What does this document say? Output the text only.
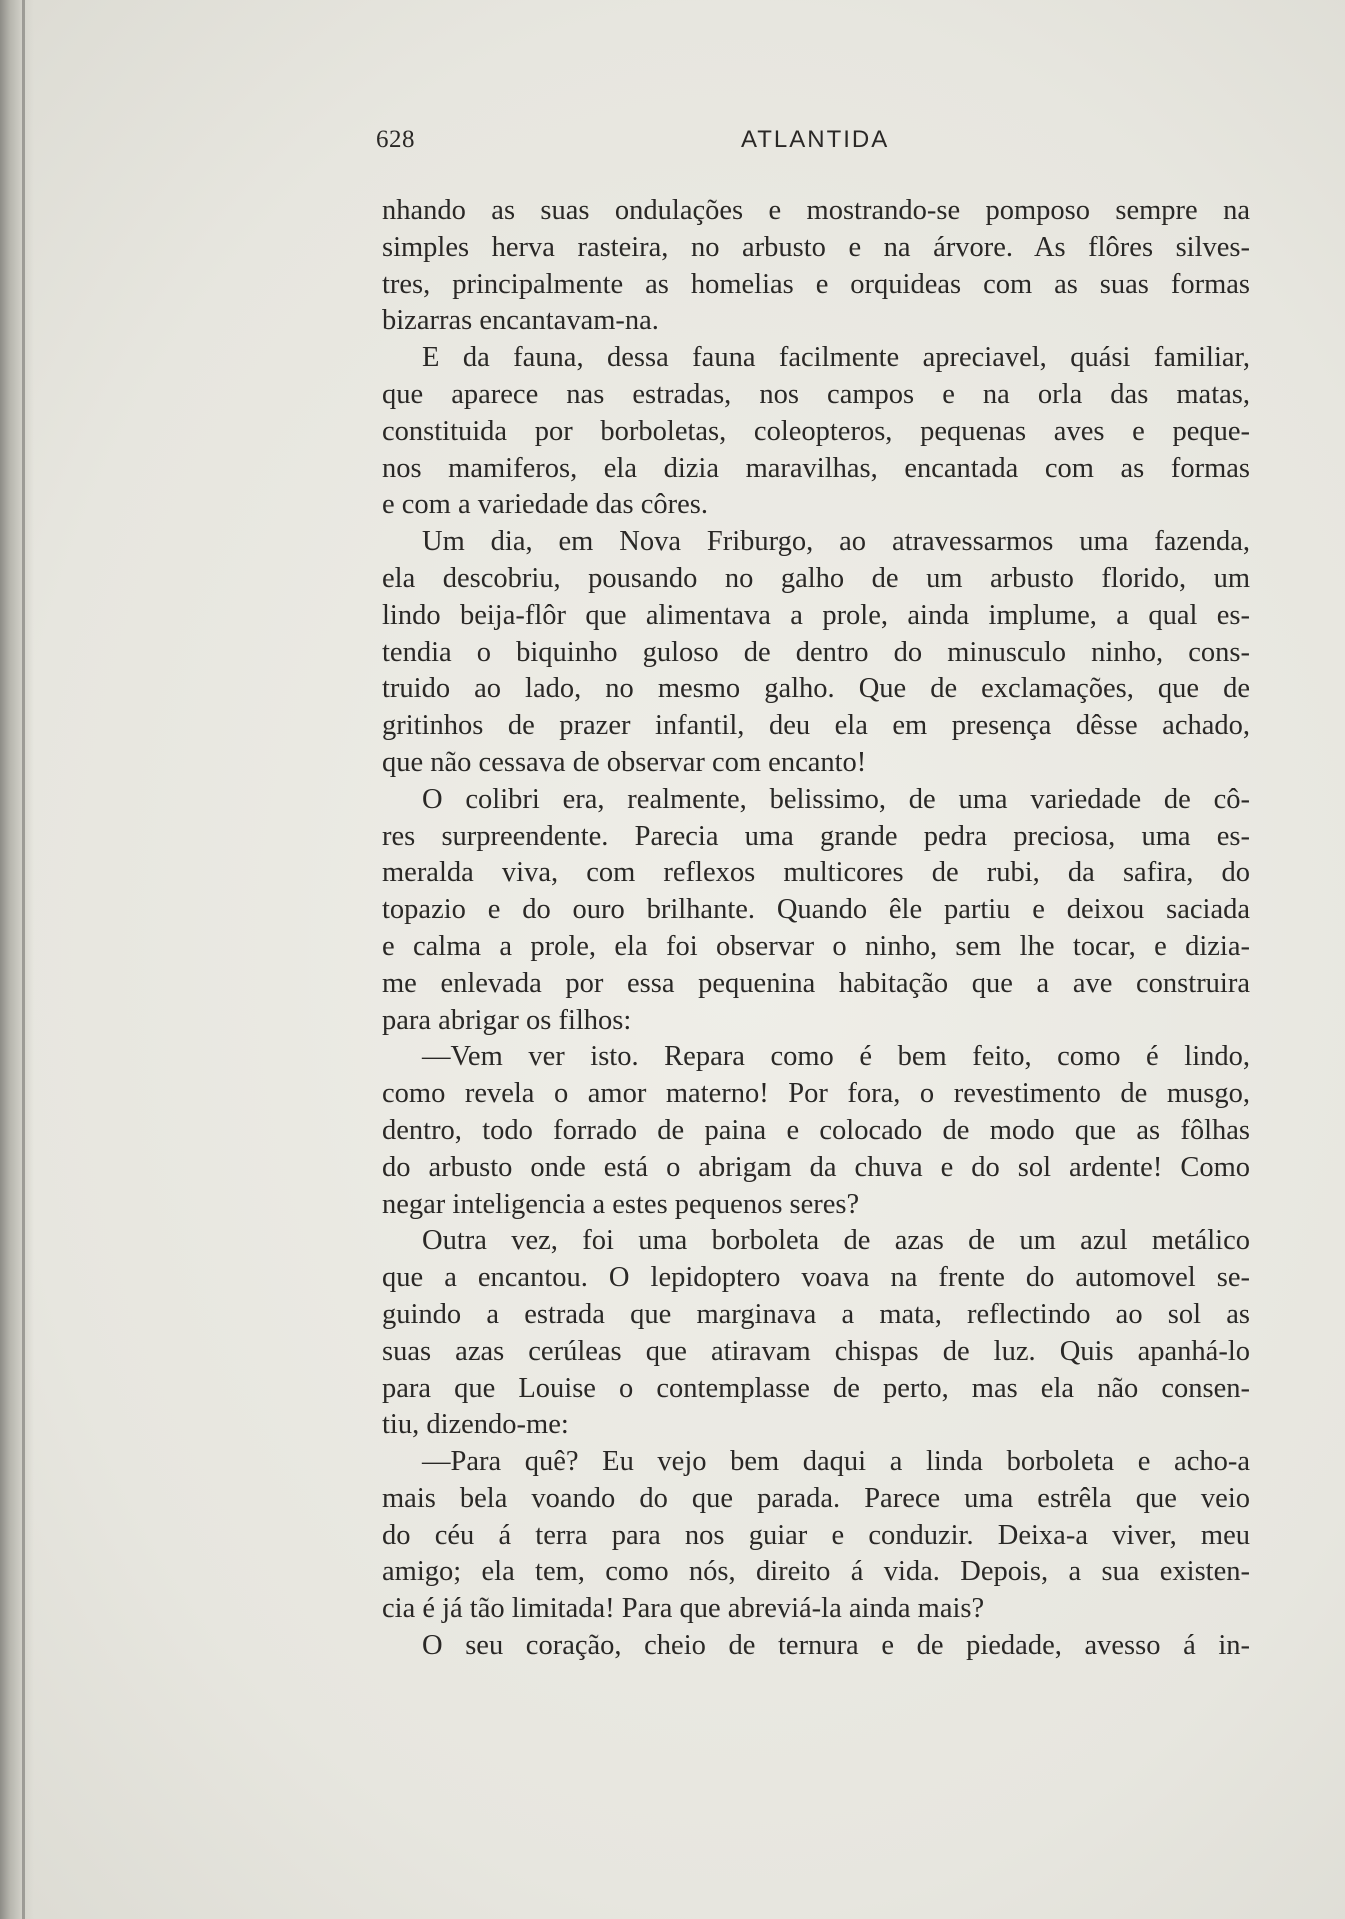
628	ATLANTIDA
nhando as suas ondulações e mostrando-se pomposo sempre na
simples herva rasteira, no arbusto e na árvore. As flôres silves-
tres, principalmente as homelias e orquideas com as suas formas
bizarras encantavam-na.
E da fauna, dessa fauna facilmente apreciavel, quási familiar,
que aparece nas estradas, nos campos e na orla das matas,
constituida por borboletas, coleopteros, pequenas aves e peque-
nos mamiferos, ela dizia maravilhas, encantada com as formas
e com a variedade das côres.
Um dia, em Nova Friburgo, ao atravessarmos uma fazenda,
ela descobriu, pousando no galho de um arbusto florido, um
lindo beija-flôr que alimentava a prole, ainda implume, a qual es-
tendia o biquinho guloso de dentro do minusculo ninho, cons-
truido ao lado, no mesmo galho. Que de exclamações, que de
gritinhos de prazer infantil, deu ela em presença dêsse achado,
que não cessava de observar com encanto!
O colibri era, realmente, belissimo, de uma variedade de cô-
res surpreendente. Parecia uma grande pedra preciosa, uma es-
meralda viva, com reflexos multicores de rubi, da safira, do
topazio e do ouro brilhante. Quando êle partiu e deixou saciada
e calma a prole, ela foi observar o ninho, sem lhe tocar, e dizia-
me enlevada por essa pequenina habitação que a ave construira
para abrigar os filhos:
—Vem ver isto. Repara como é bem feito, como é lindo,
como revela o amor materno! Por fora, o revestimento de musgo,
dentro, todo forrado de paina e colocado de modo que as fôlhas
do arbusto onde está o abrigam da chuva e do sol ardente! Como
negar inteligencia a estes pequenos seres?
Outra vez, foi uma borboleta de azas de um azul metálico
que a encantou. O lepidoptero voava na frente do automovel se-
guindo a estrada que marginava a mata, reflectindo ao sol as
suas azas cerúleas que atiravam chispas de luz. Quis apanhá-lo
para que Louise o contemplasse de perto, mas ela não consen-
tiu, dizendo-me:
—Para quê? Eu vejo bem daqui a linda borboleta e acho-a
mais bela voando do que parada. Parece uma estrêla que veio
do céu á terra para nos guiar e conduzir. Deixa-a viver, meu
amigo; ela tem, como nós, direito á vida. Depois, a sua existen-
cia é já tão limitada! Para que abreviá-la ainda mais?
O seu coração, cheio de ternura e de piedade, avesso á in-
